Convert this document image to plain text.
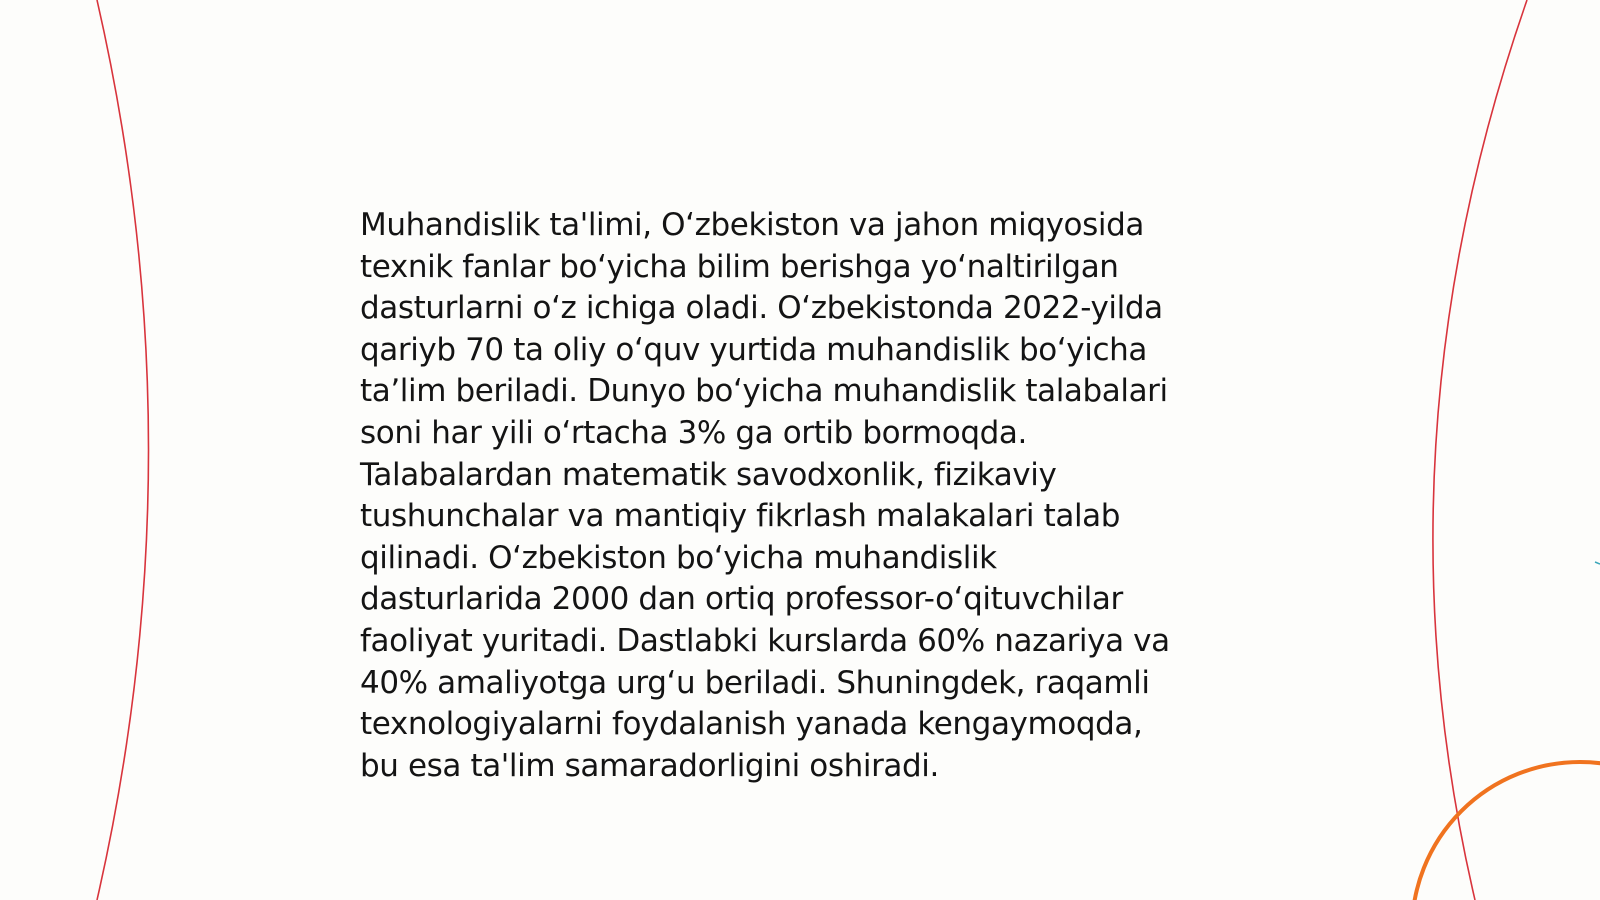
Muhandislik ta'limi, O‘zbekiston va jahon miqyosida
texnik fanlar bo‘yicha bilim berishga yo‘naltirilgan
dasturlarni o‘z ichiga oladi. O‘zbekistonda 2022-yilda
qariyb 70 ta oliy o‘quv yurtida muhandislik bo‘yicha
ta’lim beriladi. Dunyo bo‘yicha muhandislik talabalari
soni har yili o‘rtacha 3% ga ortib bormoqda.
Talabalardan matematik savodxonlik, fizikaviy
tushunchalar va mantiqiy fikrlash malakalari talab
qilinadi. O‘zbekiston bo‘yicha muhandislik
dasturlarida 2000 dan ortiq professor-o‘qituvchilar
faoliyat yuritadi. Dastlabki kurslarda 60% nazariya va
40% amaliyotga urg‘u beriladi. Shuningdek, raqamli
texnologiyalarni foydalanish yanada kengaymoqda,
bu esa ta'lim samaradorligini oshiradi.
